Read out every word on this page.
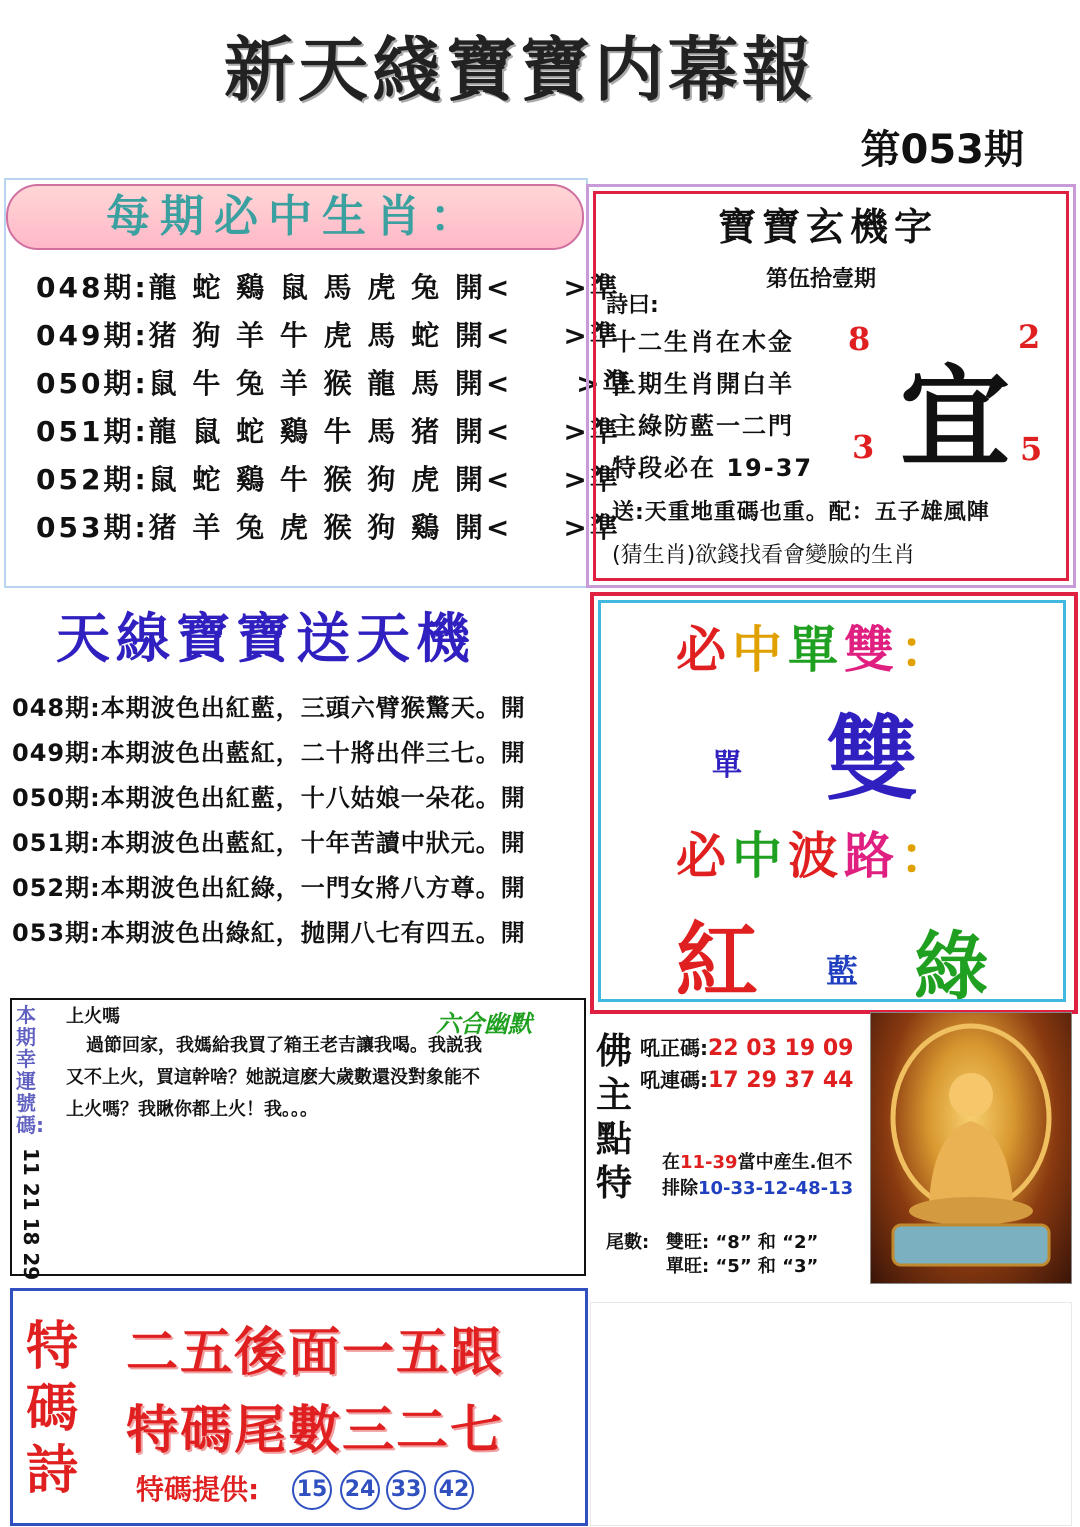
新天綫寶寶内幕報
第053期
每期必中生肖：
048期:龍 蛇 鷄 鼠 馬 虎 兔 開<    >準
049期:猪 狗 羊 牛 虎 馬 蛇 開<    >準
050期:鼠 牛 兔 羊 猴 龍 馬 開<     >準
051期:龍 鼠 蛇 鷄 牛 馬 猪 開<    >準
052期:鼠 蛇 鷄 牛 猴 狗 虎 開<    >準
053期:猪 羊 兔 虎 猴 狗 鷄 開<    >準
寶寶玄機字
第伍拾壹期
詩曰:
十二生肖在木金
上期生肖開白羊
主綠防藍一二門
特段必在 19-37
8	2
3	5
宜
送:天重地重碼也重。配：五子雄風陣
(猜生肖)欲錢找看會變臉的生肖
天線寶寶送天機
048期:本期波色出紅藍，三頭六臂猴驚天。開
049期:本期波色出藍紅，二十將出伴三七。開
050期:本期波色出紅藍，十八姑娘一朵花。開
051期:本期波色出藍紅，十年苦讀中狀元。開
052期:本期波色出紅綠，一門女將八方尊。開
053期:本期波色出綠紅，抛開八七有四五。開
必中單雙：
單 雙
必中波路：
紅 藍 綠
本期幸運號碼:
11 21 18 29
上火嗎	六合幽默
過節回家，我媽給我買了箱王老吉讓我喝。我説我又不上火，買這幹啥？她説這麽大歲數還没對象能不上火嗎？我瞅你都上火！我。。。
佛主點特
吼正碼:22 03 19 09
吼連碼:17 29 37 44
在11-39當中産生.但不
排除10-33-12-48-13
尾數: 雙旺: “8” 和 “2”
單旺: “5” 和 “3”
特碼詩
二五後面一五跟
特碼尾數三二七
特碼提供: 15 24 33 42
